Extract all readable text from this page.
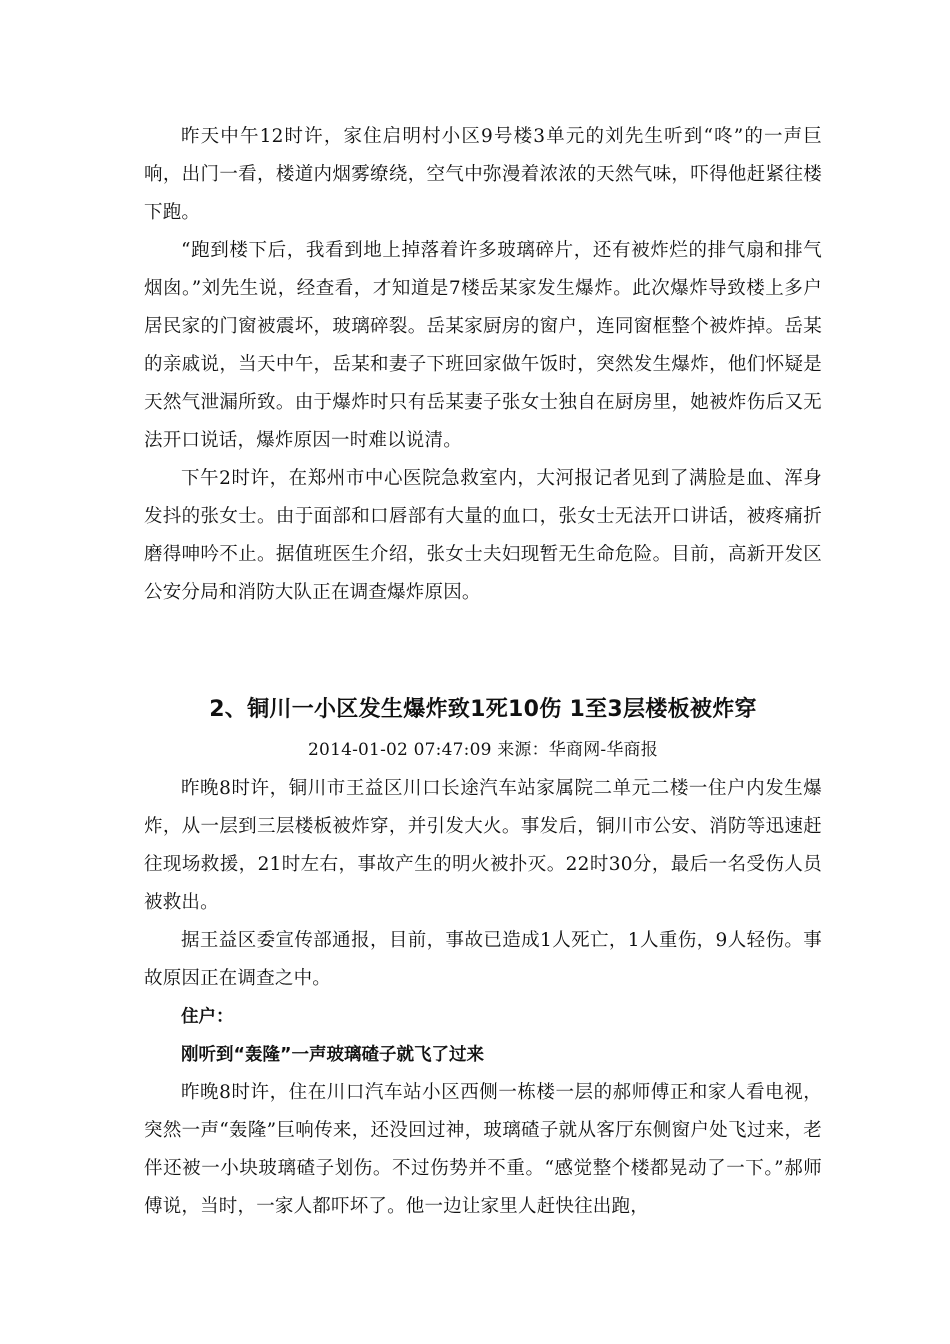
昨天中午12时许，家住启明村小区9号楼3单元的刘先生听到“咚”的一声巨响，出门一看，楼道内烟雾缭绕，空气中弥漫着浓浓的天然气味，吓得他赶紧往楼下跑。

“跑到楼下后，我看到地上掉落着许多玻璃碎片，还有被炸烂的排气扇和排气烟囱。”刘先生说，经查看，才知道是7楼岳某家发生爆炸。此次爆炸导致楼上多户居民家的门窗被震坏，玻璃碎裂。岳某家厨房的窗户，连同窗框整个被炸掉。岳某的亲戚说，当天中午，岳某和妻子下班回家做午饭时，突然发生爆炸，他们怀疑是天然气泄漏所致。由于爆炸时只有岳某妻子张女士独自在厨房里，她被炸伤后又无法开口说话，爆炸原因一时难以说清。

下午2时许，在郑州市中心医院急救室内，大河报记者见到了满脸是血、浑身发抖的张女士。由于面部和口唇部有大量的血口，张女士无法开口讲话，被疼痛折磨得呻吟不止。据值班医生介绍，张女士夫妇现暂无生命危险。目前，高新开发区公安分局和消防大队正在调查爆炸原因。

2、铜川一小区发生爆炸致1死10伤 1至3层楼板被炸穿

2014-01-02 07:47:09 来源：华商网-华商报

昨晚8时许，铜川市王益区川口长途汽车站家属院二单元二楼一住户内发生爆炸，从一层到三层楼板被炸穿，并引发大火。事发后，铜川市公安、消防等迅速赶往现场救援，21时左右，事故产生的明火被扑灭。22时30分，最后一名受伤人员被救出。

据王益区委宣传部通报，目前，事故已造成1人死亡，1人重伤，9人轻伤。事故原因正在调查之中。

住户：

刚听到“轰隆”一声玻璃碴子就飞了过来

昨晚8时许，住在川口汽车站小区西侧一栋楼一层的郝师傅正和家人看电视，突然一声“轰隆”巨响传来，还没回过神，玻璃碴子就从客厅东侧窗户处飞过来，老伴还被一小块玻璃碴子划伤。不过伤势并不重。“感觉整个楼都晃动了一下。”郝师傅说，当时，一家人都吓坏了。他一边让家里人赶快往出跑，
